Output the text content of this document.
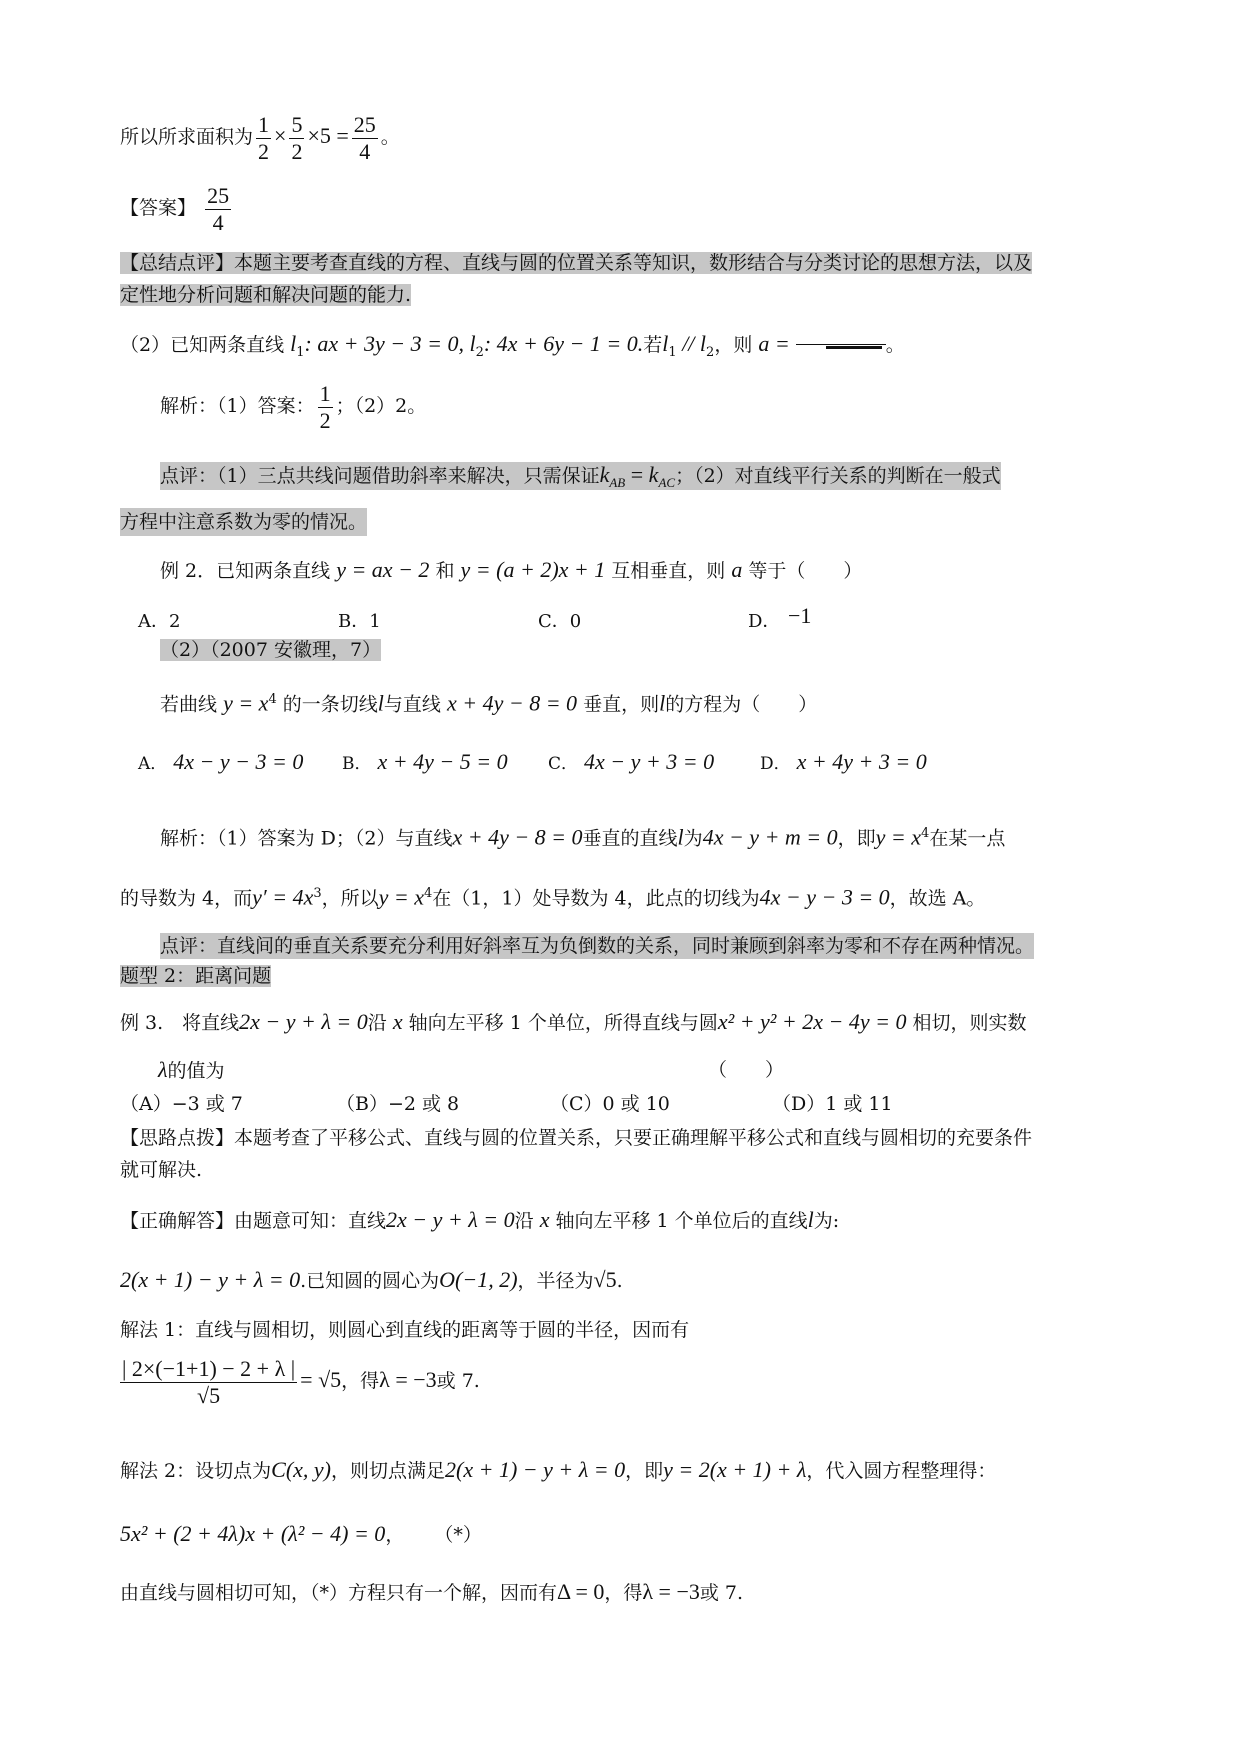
所以所求面积为 $\frac{1}{2} \times \frac{5}{2} \times 5 = \frac{25}{4}$ 。
【答案】 $\frac{25}{4}$
【总结点评】本题主要考查直线的方程、直线与圆的位置关系等知识，数形结合与分类讨论的思想方法，以及
定性地分析问题和解决问题的能力.
（2）已知两条直线 $l_1$: ax + 3y − 3 = 0, $l_2$: 4x + 6y − 1 = 0.若$l_1 // l_2$，则 a =	。
解析：（1）答案： $\frac{1}{2}$ ；（2）2。
点评：（1）三点共线问题借助斜率来解决，只需保证$k_{AB} = k_{AC}$；（2）对直线平行关系的判断在一般式
方程中注意系数为零的情况。
例 2．已知两条直线 y = ax − 2 和 y = (a + 2)x + 1 互相垂直，则 a 等于（　　）
A．2	B．1	C．0	D． −1
（2）（2007 安徽理，7）
若曲线 $y = x^4$ 的一条切线l与直线 x + 4y − 8 = 0 垂直，则l的方程为（　　）
A． 4x − y − 3 = 0 B． x + 4y − 5 = 0 C． 4x − y + 3 = 0	D． x + 4y + 3 = 0
解析：（1）答案为 D；（2）与直线x + 4y − 8 = 0垂直的直线l为4x − y + m = 0，即$y = x^4$在某一点
的导数为 4，而$y' = 4x^3$，所以$y = x^4$在（1，1）处导数为 4，此点的切线为4x − y − 3 = 0，故选 A。
点评：直线间的垂直关系要充分利用好斜率互为负倒数的关系，同时兼顾到斜率为零和不存在两种情况。
题型 2：距离问题
例 3.　将直线2x − y + λ = 0沿 x 轴向左平移 1 个单位，所得直线与圆x² + y² + 2x − 4y = 0 相切，则实数
λ的值为	（　　）
（A）−3 或 7	（B）−2 或 8	（C）0 或 10	（D）1 或 11
【思路点拨】本题考查了平移公式、直线与圆的位置关系，只要正确理解平移公式和直线与圆相切的充要条件
就可解决.
【正确解答】由题意可知：直线2x − y + λ = 0沿 x 轴向左平移 1 个单位后的直线l为:
2(x + 1) − y + λ = 0.已知圆的圆心为O(−1, 2)，半径为√5.
解法 1：直线与圆相切，则圆心到直线的距离等于圆的半径，因而有
$\frac{| 2\times(-1+1) - 2 + \lambda |}{√5} = √5$，得λ = −3或 7.
解法 2：设切点为C(x, y)，则切点满足2(x + 1) − y + λ = 0，即y = 2(x + 1) + λ，代入圆方程整理得：
5x² + (2 + 4λ)x + (λ² − 4) = 0， （*）
由直线与圆相切可知，（*）方程只有一个解，因而有Δ = 0，得λ = −3或 7.
